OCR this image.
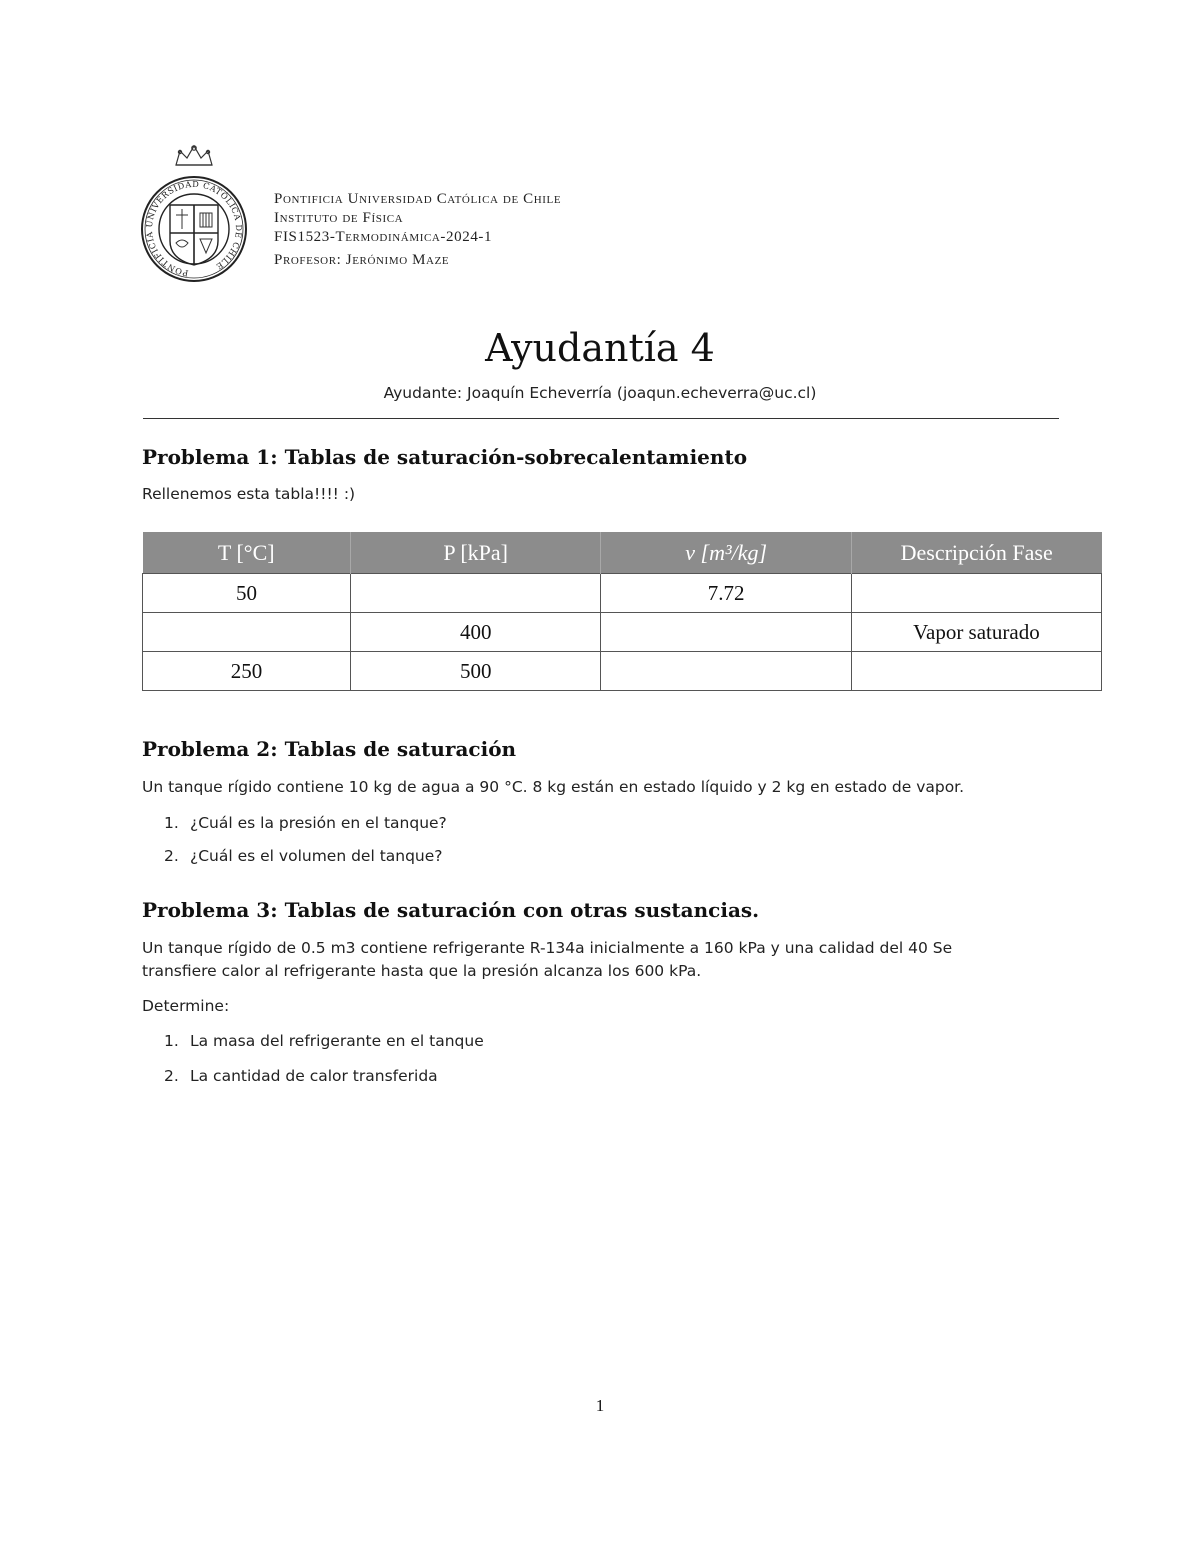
PONTIFICIA UNIVERSIDAD CATÓLICA DE CHILE
Pontificia Universidad Católica de Chile
Instituto de Física
FIS1523-Termodinámica-2024-1
Profesor: Jerónimo Maze
Ayudantía 4
Ayudante: Joaquín Echeverría (joaqun.echeverra@uc.cl)
Problema 1: Tablas de saturación-sobrecalentamiento
Rellenemos esta tabla!!!! :)
T [°C]	P [kPa]	v [m³/kg]	Descripción Fase
50		7.72	
	400		Vapor saturado
250	500		
Problema 2: Tablas de saturación
Un tanque rígido contiene 10 kg de agua a 90 °C. 8 kg están en estado líquido y 2 kg en estado de vapor.
1. ¿Cuál es la presión en el tanque?
2. ¿Cuál es el volumen del tanque?
Problema 3: Tablas de saturación con otras sustancias.
Un tanque rígido de 0.5 m3 contiene refrigerante R-134a inicialmente a 160 kPa y una calidad del 40 Se
transfiere calor al refrigerante hasta que la presión alcanza los 600 kPa.
Determine:
1. La masa del refrigerante en el tanque
2. La cantidad de calor transferida
1
